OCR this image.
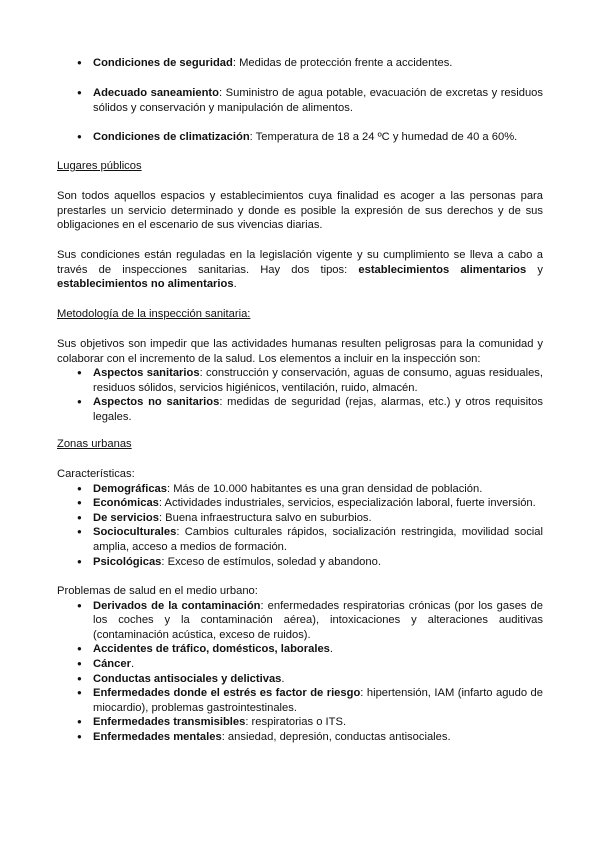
● Condiciones de seguridad: Medidas de protección frente a accidentes.
● Adecuado saneamiento: Suministro de agua potable, evacuación de excretas y residuos sólidos y conservación y manipulación de alimentos.
● Condiciones de climatización: Temperatura de 18 a 24 ºC y humedad de 40 a 60%.

Lugares públicos

Son todos aquellos espacios y establecimientos cuya finalidad es acoger a las personas para prestarles un servicio determinado y donde es posible la expresión de sus derechos y de sus obligaciones en el escenario de sus vivencias diarias.

Sus condiciones están reguladas en la legislación vigente y su cumplimiento se lleva a cabo a través de inspecciones sanitarias. Hay dos tipos: establecimientos alimentarios y establecimientos no alimentarios.

Metodología de la inspección sanitaria:

Sus objetivos son impedir que las actividades humanas resulten peligrosas para la comunidad y colaborar con el incremento de la salud. Los elementos a incluir en la inspección son:

● Aspectos sanitarios: construcción y conservación, aguas de consumo, aguas residuales, residuos sólidos, servicios higiénicos, ventilación, ruido, almacén.
● Aspectos no sanitarios: medidas de seguridad (rejas, alarmas, etc.) y otros requisitos legales.

Zonas urbanas

Características:

● Demográficas: Más de 10.000 habitantes es una gran densidad de población.
● Económicas: Actividades industriales, servicios, especialización laboral, fuerte inversión.
● De servicios: Buena infraestructura salvo en suburbios.
● Socioculturales: Cambios culturales rápidos, socialización restringida, movilidad social amplia, acceso a medios de formación.
● Psicológicas: Exceso de estímulos, soledad y abandono.

Problemas de salud en el medio urbano:

● Derivados de la contaminación: enfermedades respiratorias crónicas (por los gases de los coches y la contaminación aérea), intoxicaciones y alteraciones auditivas (contaminación acústica, exceso de ruidos).
● Accidentes de tráfico, domésticos, laborales.
● Cáncer.
● Conductas antisociales y delictivas.
● Enfermedades donde el estrés es factor de riesgo: hipertensión, IAM (infarto agudo de miocardio), problemas gastrointestinales.
● Enfermedades transmisibles: respiratorias o ITS.
● Enfermedades mentales: ansiedad, depresión, conductas antisociales.
